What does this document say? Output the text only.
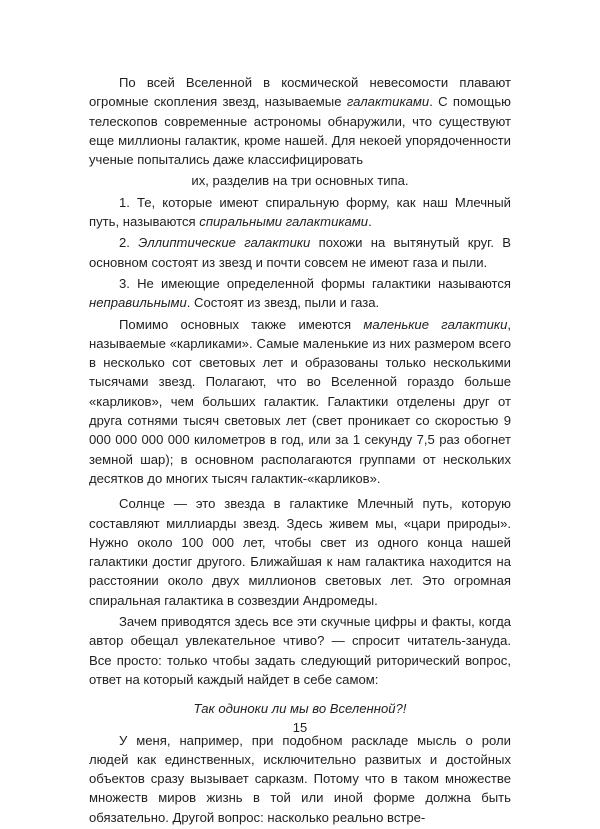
По всей Вселенной в космической невесомости плавают огромные скопления звезд, называемые галактиками. С помощью телескопов современные астрономы обнаружили, что существуют еще миллионы галактик, кроме нашей. Для некоей упорядоченности ученые попытались даже классифицировать

их, разделив на три основных типа.

1. Те, которые имеют спиральную форму, как наш Млечный путь, называются спиральными галактиками.

2. Эллиптические галактики похожи на вытянутый круг. В основном состоят из звезд и почти совсем не имеют газа и пыли.

3. Не имеющие определенной формы галактики называются неправильными. Состоят из звезд, пыли и газа.

Помимо основных также имеются маленькие галактики, называемые «карликами». Самые маленькие из них размером всего в несколько сот световых лет и образованы только несколькими тысячами звезд. Полагают, что во Вселенной гораздо больше «карликов», чем больших галактик. Галактики отделены друг от друга сотнями тысяч световых лет (свет проникает со скоростью 9 000 000 000 000 километров в год, или за 1 секунду 7,5 раз обогнет земной шар); в основном располагаются группами от нескольких десятков до многих тысяч галактик-«карликов».

Солнце — это звезда в галактике Млечный путь, которую составляют миллиарды звезд. Здесь живем мы, «цари природы». Нужно около 100 000 лет, чтобы свет из одного конца нашей галактики достиг другого. Ближайшая к нам галактика находится на расстоянии около двух миллионов световых лет. Это огромная спиральная галактика в созвездии Андромеды.

Зачем приводятся здесь все эти скучные цифры и факты, когда автор обещал увлекательное чтиво? — спросит читатель-зануда. Все просто: только чтобы задать следующий риторический вопрос, ответ на который каждый найдет в себе самом:

Так одиноки ли мы во Вселенной?!

У меня, например, при подобном раскладе мысль о роли людей как единственных, исключительно развитых и достойных объектов сразу вызывает сарказм. Потому что в таком множестве множеств миров жизнь в той или иной форме должна быть обязательно. Другой вопрос: насколько реально встре-

15
